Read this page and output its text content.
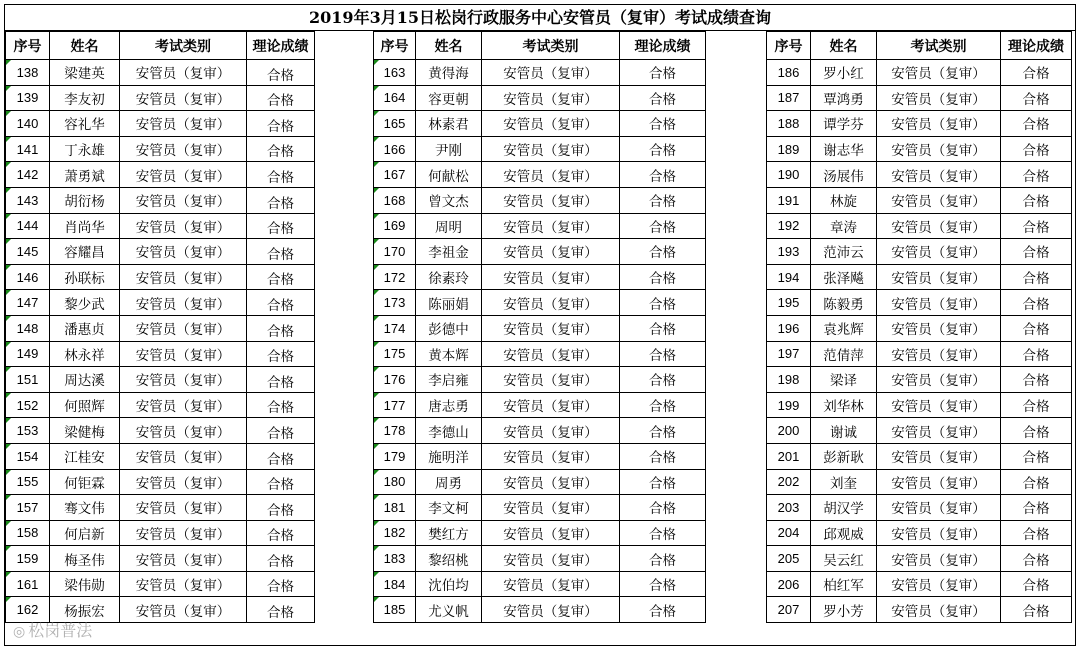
2019年3月15日松岗行政服务中心安管员（复审）考试成绩查询
序号	姓名	考试类别	理论成绩
138	梁建英	安管员（复审）	合格
139	李友初	安管员（复审）	合格
140	容礼华	安管员（复审）	合格
141	丁永雄	安管员（复审）	合格
142	萧勇斌	安管员（复审）	合格
143	胡衍杨	安管员（复审）	合格
144	肖尚华	安管员（复审）	合格
145	容耀昌	安管员（复审）	合格
146	孙联标	安管员（复审）	合格
147	黎少武	安管员（复审）	合格
148	潘惠贞	安管员（复审）	合格
149	林永祥	安管员（复审）	合格
151	周达溪	安管员（复审）	合格
152	何照辉	安管员（复审）	合格
153	梁健梅	安管员（复审）	合格
154	江桂安	安管员（复审）	合格
155	何钜霖	安管员（复审）	合格
157	骞文伟	安管员（复审）	合格
158	何启新	安管员（复审）	合格
159	梅圣伟	安管员（复审）	合格
161	梁伟勋	安管员（复审）	合格
162	杨振宏	安管员（复审）	合格
序号	姓名	考试类别	理论成绩
163	黄得海	安管员（复审）	合格
164	容更朝	安管员（复审）	合格
165	林素君	安管员（复审）	合格
166	尹刚	安管员（复审）	合格
167	何献松	安管员（复审）	合格
168	曾文杰	安管员（复审）	合格
169	周明	安管员（复审）	合格
170	李祖金	安管员（复审）	合格
172	徐素玲	安管员（复审）	合格
173	陈丽娟	安管员（复审）	合格
174	彭德中	安管员（复审）	合格
175	黄本辉	安管员（复审）	合格
176	李启雍	安管员（复审）	合格
177	唐志勇	安管员（复审）	合格
178	李德山	安管员（复审）	合格
179	施明洋	安管员（复审）	合格
180	周勇	安管员（复审）	合格
181	李文柯	安管员（复审）	合格
182	樊红方	安管员（复审）	合格
183	黎绍桃	安管员（复审）	合格
184	沈伯均	安管员（复审）	合格
185	尤义帆	安管员（复审）	合格
序号	姓名	考试类别	理论成绩
186	罗小红	安管员（复审）	合格
187	覃鸿勇	安管员（复审）	合格
188	谭学芬	安管员（复审）	合格
189	谢志华	安管员（复审）	合格
190	汤展伟	安管员（复审）	合格
191	林旋	安管员（复审）	合格
192	章涛	安管员（复审）	合格
193	范沛云	安管员（复审）	合格
194	张泽飚	安管员（复审）	合格
195	陈毅勇	安管员（复审）	合格
196	袁兆辉	安管员（复审）	合格
197	范倩萍	安管员（复审）	合格
198	梁译	安管员（复审）	合格
199	刘华林	安管员（复审）	合格
200	谢诚	安管员（复审）	合格
201	彭新耿	安管员（复审）	合格
202	刘奎	安管员（复审）	合格
203	胡汉学	安管员（复审）	合格
204	邱观威	安管员（复审）	合格
205	吴云红	安管员（复审）	合格
206	柏红军	安管员（复审）	合格
207	罗小芳	安管员（复审）	合格
◎ 松岗普法
